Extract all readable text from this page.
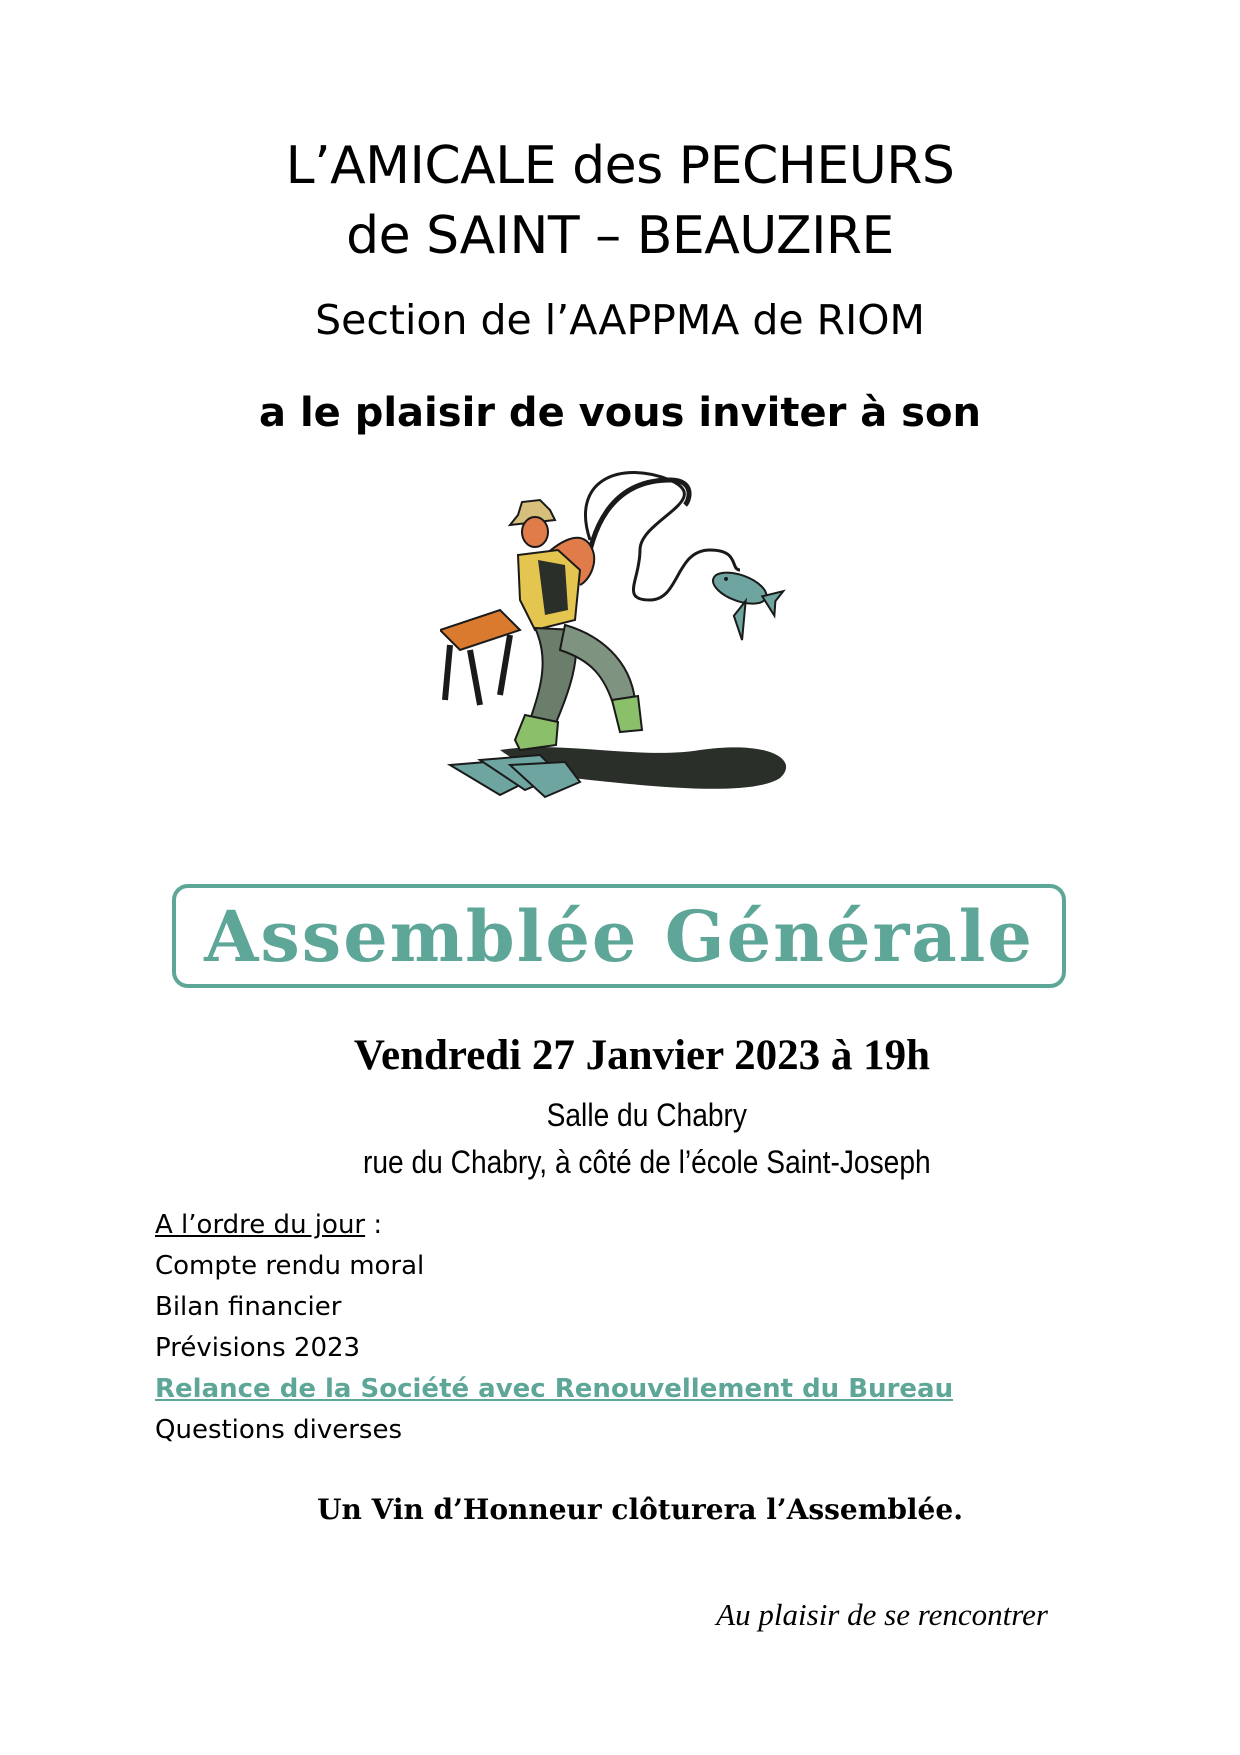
L’AMICALE des PECHEURS
de SAINT – BEAUZIRE
Section de l’AAPPMA de RIOM
a le plaisir de vous inviter à son
Assemblée Générale
Vendredi 27 Janvier 2023 à 19h
Salle du Chabry
rue du Chabry, à côté de l’école Saint-Joseph
A l’ordre du jour :
Compte rendu moral
Bilan financier
Prévisions 2023
Relance de la Société avec Renouvellement du Bureau
Questions diverses
Un Vin d’Honneur clôturera l’Assemblée.
Au plaisir de se rencontrer
